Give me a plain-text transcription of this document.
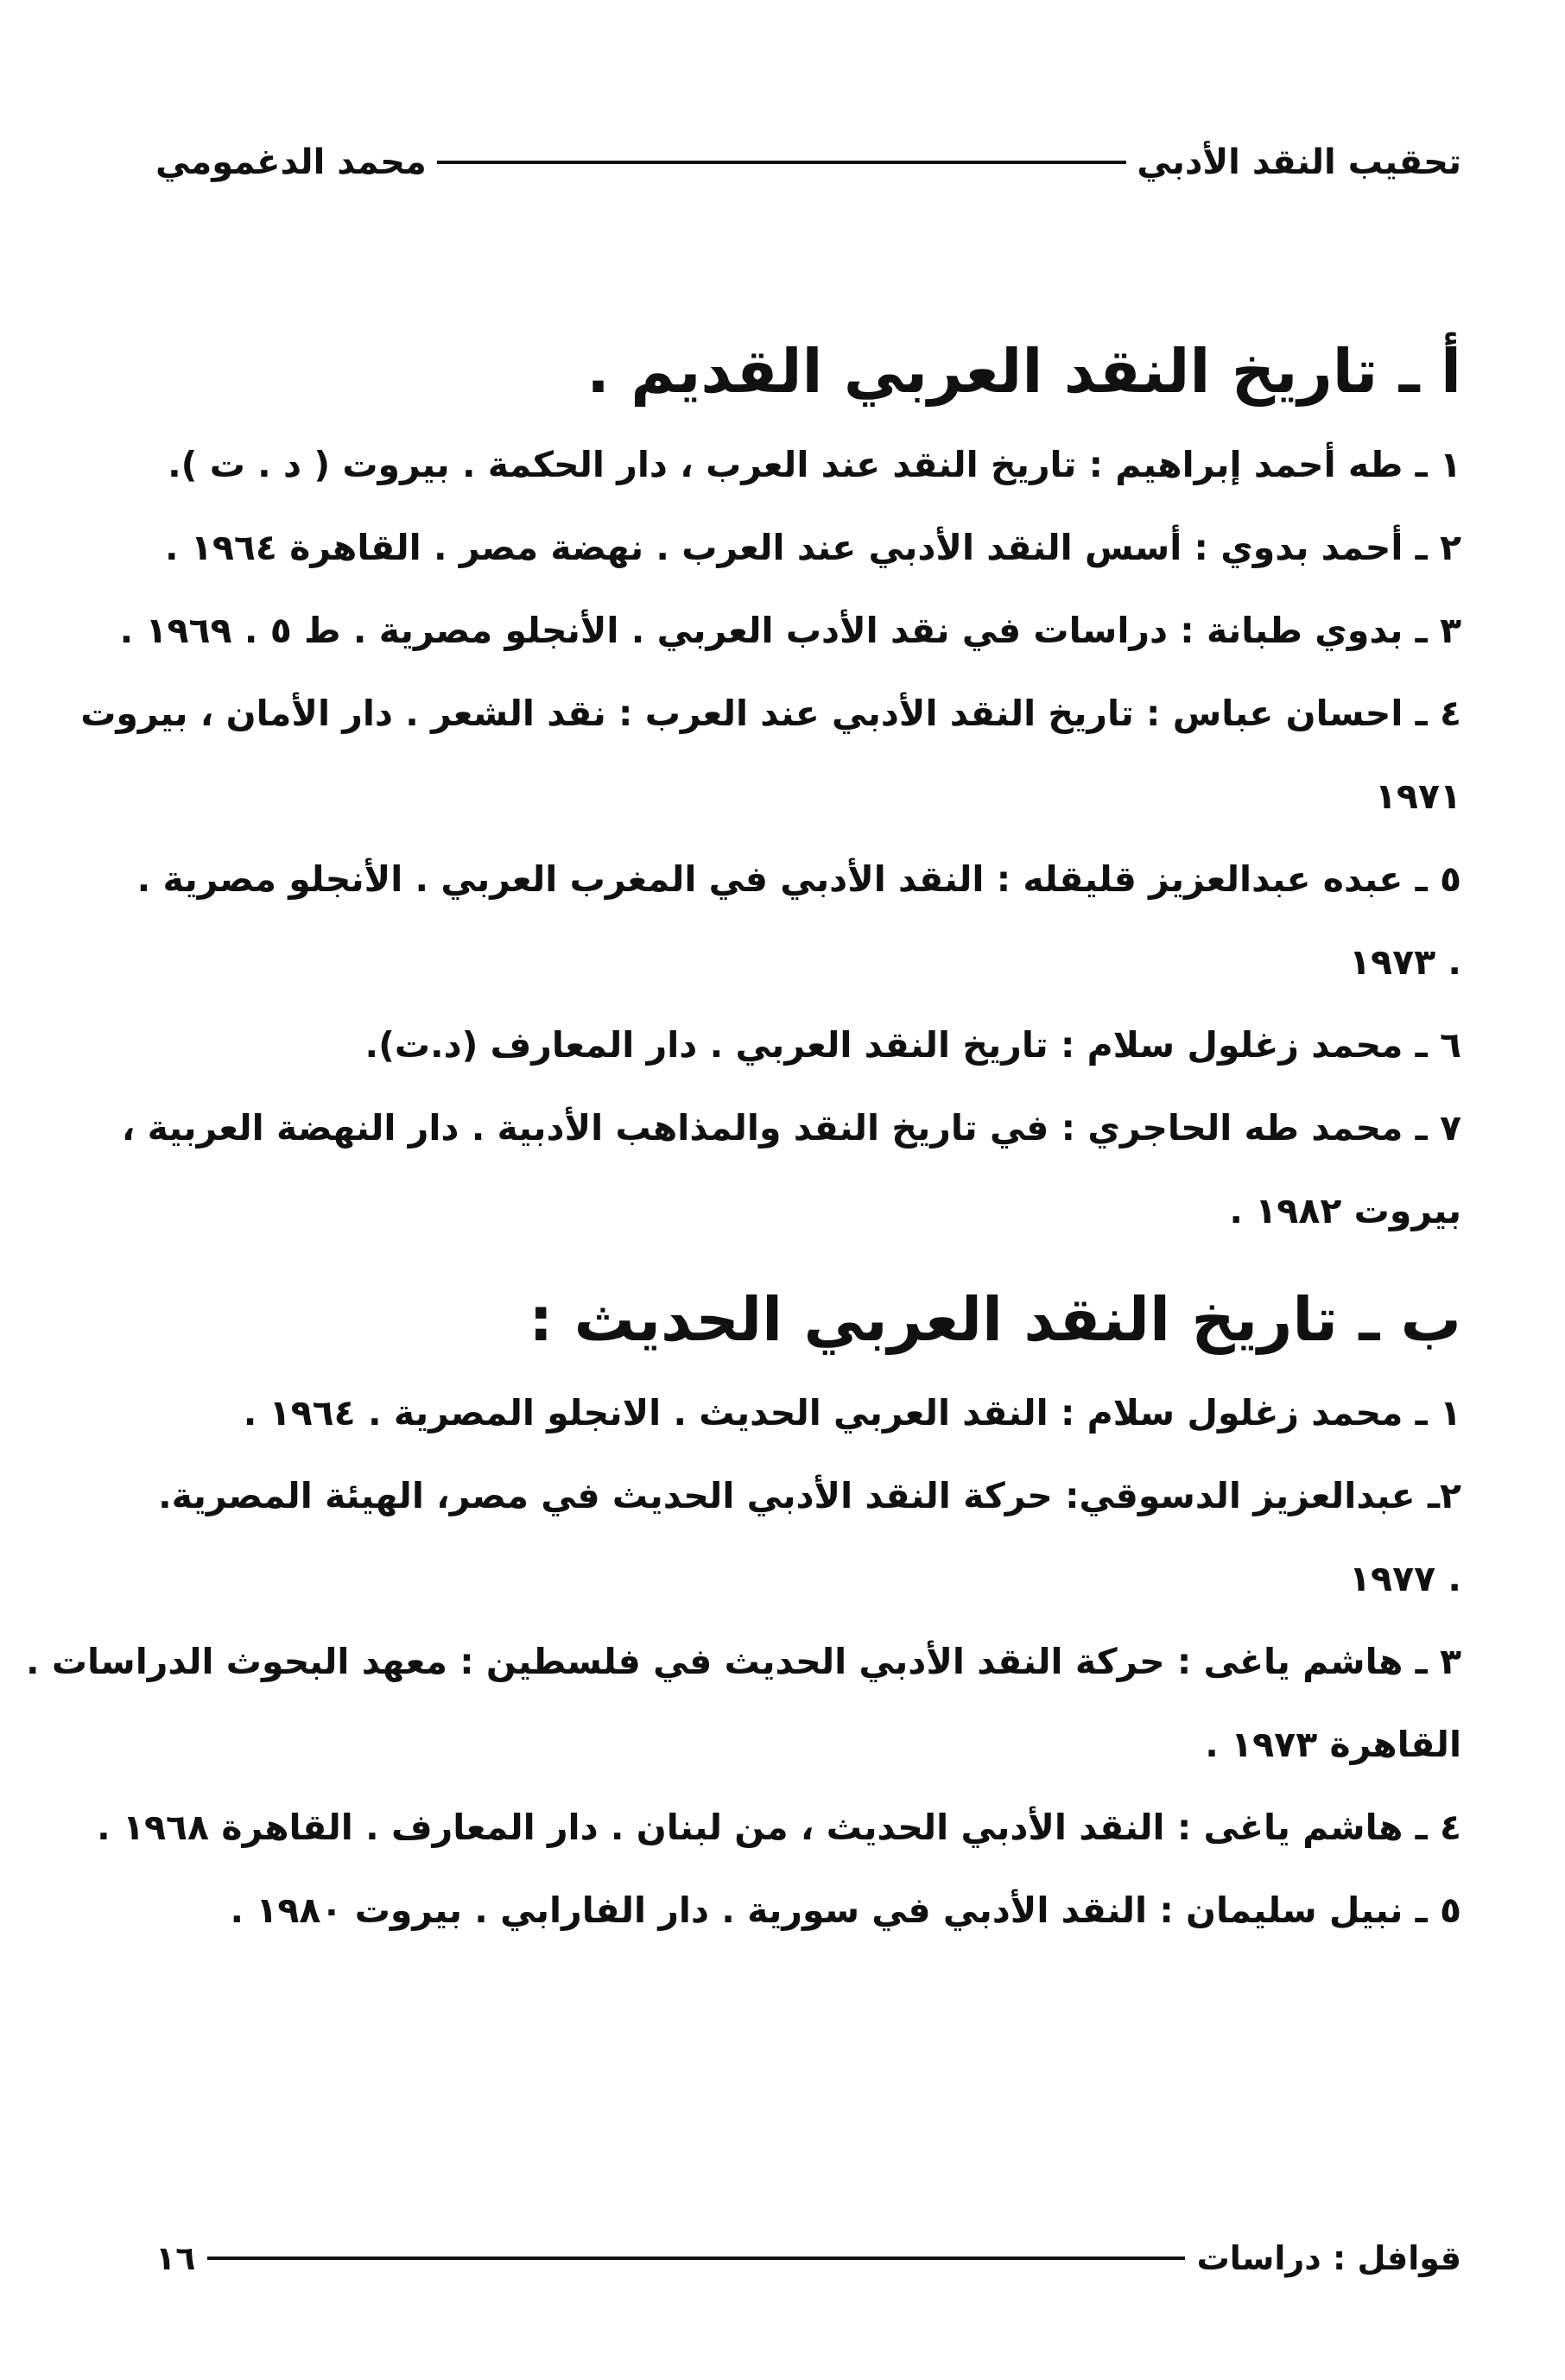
تحقيب النقد الأدبي
محمد الدغمومي
أ ـ تاريخ النقد العربي القديم .

١ ـ طه أحمد إبراهيم : تاريخ النقد عند العرب ، دار الحكمة . بيروت ( د . ت ).

٢ ـ أحمد بدوي : أسس النقد الأدبي عند العرب . نهضة مصر . القاهرة ١٩٦٤ .

٣ ـ بدوي طبانة : دراسات في نقد الأدب العربي . الأنجلو مصرية . ط ٥ . ١٩٦٩ .

٤ ـ احسان عباس : تاريخ النقد الأدبي عند العرب : نقد الشعر . دار الأمان ، بيروت

١٩٧١

٥ ـ عبده عبدالعزيز قليقله : النقد الأدبي في المغرب العربي . الأنجلو مصرية .

. ١٩٧٣

٦ ـ محمد زغلول سلام : تاريخ النقد العربي . دار المعارف (د.ت).

٧ ـ محمد طه الحاجري : في تاريخ النقد والمذاهب الأدبية . دار النهضة العربية ،

بيروت ١٩٨٢ .

ب ـ تاريخ النقد العربي الحديث :

١ ـ محمد زغلول سلام : النقد العربي الحديث . الانجلو المصرية . ١٩٦٤ .

٢ـ عبدالعزيز الدسوقي: حركة النقد الأدبي الحديث في مصر، الهيئة المصرية.

. ١٩٧٧

٣ ـ هاشم ياغى : حركة النقد الأدبي الحديث في فلسطين : معهد البحوث الدراسات .

القاهرة ١٩٧٣ .

٤ ـ هاشم ياغى : النقد الأدبي الحديث ، من لبنان . دار المعارف . القاهرة ١٩٦٨ .

٥ ـ نبيل سليمان : النقد الأدبي في سورية . دار الفارابي . بيروت ١٩٨٠ .

قوافل : دراسات
١٦
